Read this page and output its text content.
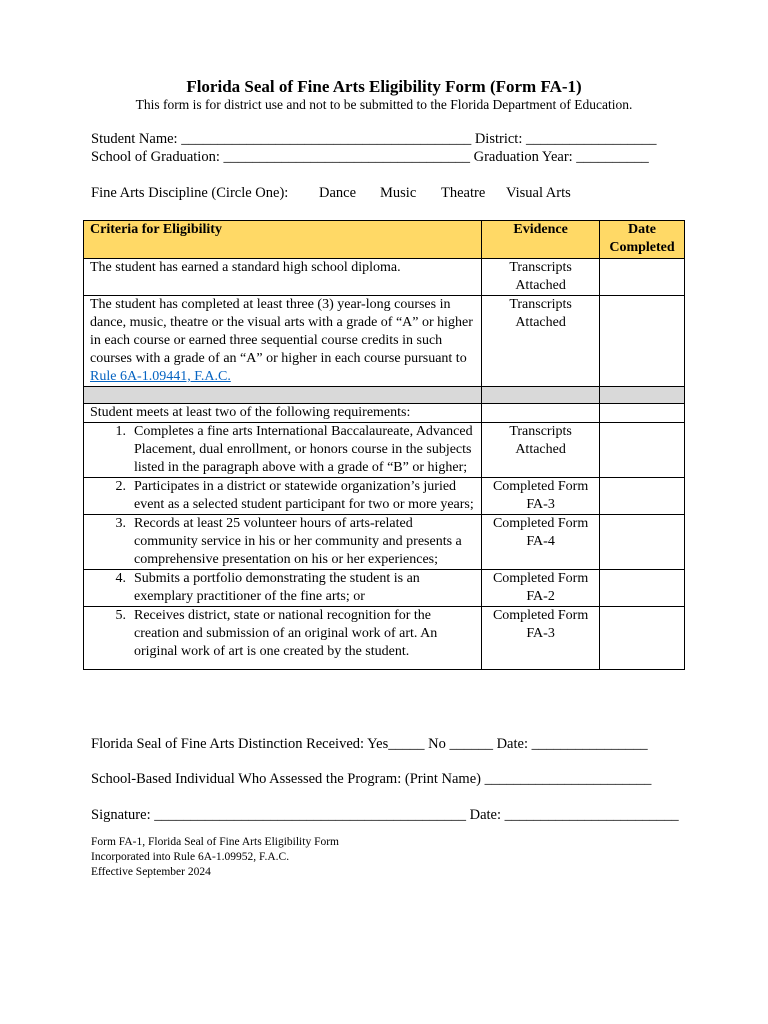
Florida Seal of Fine Arts Eligibility Form (Form FA-1)
This form is for district use and not to be submitted to the Florida Department of Education.
Student Name: ________________________________________ District: __________________
School of Graduation: __________________________________ Graduation Year: __________
Fine Arts Discipline (Circle One): Dance Music Theatre Visual Arts
Criteria for Eligibility	Evidence	Date Completed
The student has earned a standard high school diploma.	Transcripts Attached	
The student has completed at least three (3) year-long courses in dance, music, theatre or the visual arts with a grade of “A” or higher in each course or earned three sequential course credits in such courses with a grade of an “A” or higher in each course pursuant to Rule 6A-1.09441, F.A.C.	Transcripts Attached	

Student meets at least two of the following requirements:		

1. Completes a fine arts International Baccalaureate, Advanced Placement, dual enrollment, or honors course in the subjects listed in the paragraph above with a grade of “B” or higher;	Transcripts Attached	

2. Participates in a district or statewide organization’s juried event as a selected student participant for two or more years;	Completed Form FA-3	

3. Records at least 25 volunteer hours of arts-related community service in his or her community and presents a comprehensive presentation on his or her experiences;	Completed Form FA-4	

4. Submits a portfolio demonstrating the student is an exemplary practitioner of the fine arts; or	Completed Form FA-2	

5. Receives district, state or national recognition for the creation and submission of an original work of art. An original work of art is one created by the student.	Completed Form FA-3	
Florida Seal of Fine Arts Distinction Received: Yes_____ No ______ Date: ________________
School-Based Individual Who Assessed the Program: (Print Name) _______________________
Signature: ___________________________________________ Date: ________________________
Form FA-1, Florida Seal of Fine Arts Eligibility Form
Incorporated into Rule 6A-1.09952, F.A.C.
Effective September 2024
